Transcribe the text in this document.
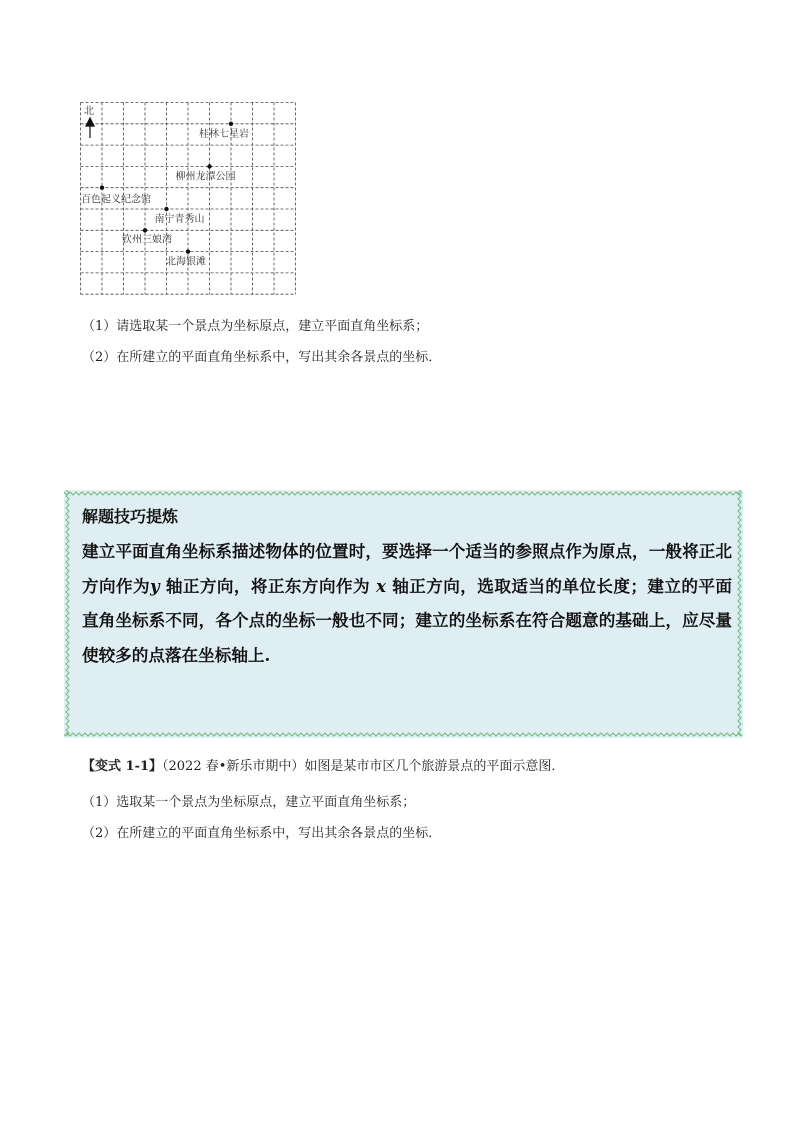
北
桂林七星岩
柳州龙潭公园
百色起义纪念馆
南宁青秀山
钦州三娘湾
北海银滩
（1）请选取某一个景点为坐标原点，建立平面直角坐标系；
（2）在所建立的平面直角坐标系中，写出其余各景点的坐标．
解题技巧提炼
建立平面直角坐标系描述物体的位置时，要选择一个适当的参照点作为原点，一般将正北方向作为y 轴正方向，将正东方向作为 x 轴正方向，选取适当的单位长度；建立的平面直角坐标系不同，各个点的坐标一般也不同；建立的坐标系在符合题意的基础上，应尽量使较多的点落在坐标轴上.
【变式 1-1】（2022 春•新乐市期中）如图是某市市区几个旅游景点的平面示意图．
（1）选取某一个景点为坐标原点，建立平面直角坐标系；
（2）在所建立的平面直角坐标系中，写出其余各景点的坐标．
